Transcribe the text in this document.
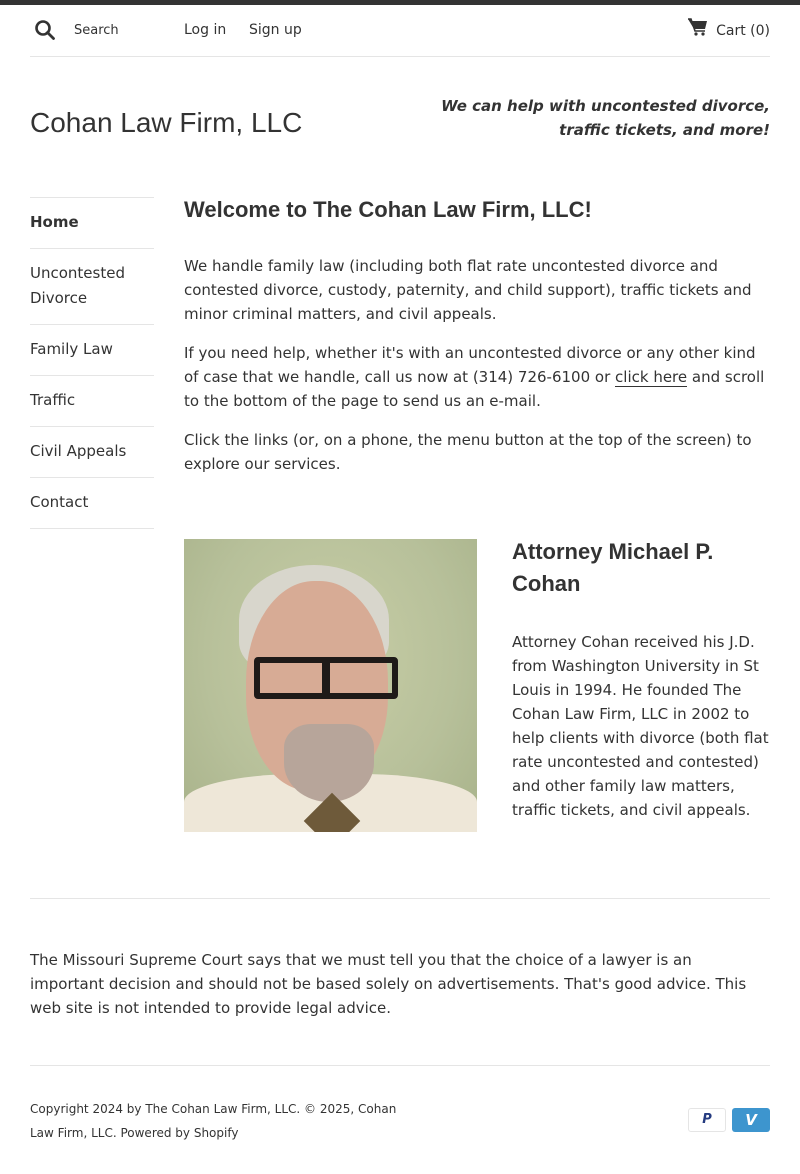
Search
Log in Sign up	Cart (0)
Cohan Law Firm, LLC
We can help with uncontested divorce, traffic tickets, and more!
Home
Uncontested Divorce
Family Law
Traffic
Civil Appeals
Contact
Welcome to The Cohan Law Firm, LLC!

We handle family law (including both flat rate uncontested divorce and contested divorce, custody, paternity, and child support), traffic tickets and minor criminal matters, and civil appeals.

If you need help, whether it's with an uncontested divorce or any other kind of case that we handle, call us now at (314) 726-6100 or click here and scroll to the bottom of the page to send us an e-mail.

Click the links (or, on a phone, the menu button at the top of the screen) to explore our services.

Attorney Michael P. Cohan

Attorney Cohan received his J.D. from Washington University in St Louis in 1994. He founded The Cohan Law Firm, LLC in 2002 to help clients with divorce (both flat rate uncontested and contested) and other family law matters, traffic tickets, and civil appeals.

The Missouri Supreme Court says that we must tell you that the choice of a lawyer is an important decision and should not be based solely on advertisements. That's good advice. This web site is not intended to provide legal advice.

Copyright 2024 by The Cohan Law Firm, LLC. © 2025, Cohan Law Firm, LLC. Powered by Shopify
P	V
